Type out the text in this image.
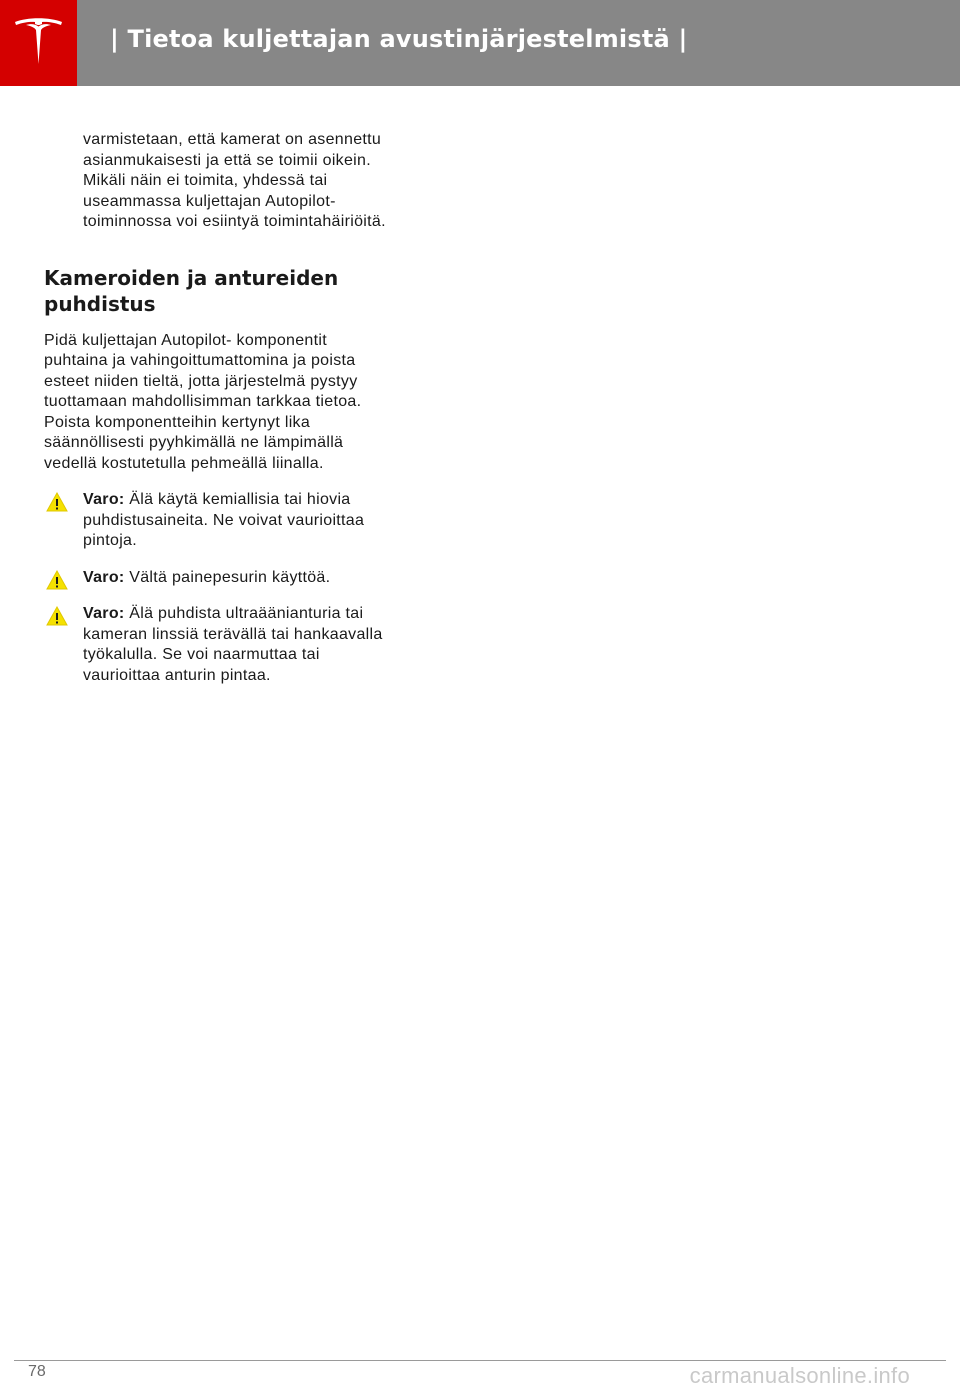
| Tietoa kuljettajan avustinjärjestelmistä |

varmistetaan, että kamerat on asennettu
asianmukaisesti ja että se toimii oikein.
Mikäli näin ei toimita, yhdessä tai
useammassa kuljettajan Autopilot-
toiminnossa voi esiintyä toimintahäiriöitä.

Kameroiden ja antureiden
puhdistus

Pidä kuljettajan Autopilot- komponentit
puhtaina ja vahingoittumattomina ja poista
esteet niiden tieltä, jotta järjestelmä pystyy
tuottamaan mahdollisimman tarkkaa tietoa.
Poista komponentteihin kertynyt lika
säännöllisesti pyyhkimällä ne lämpimällä
vedellä kostutetulla pehmeällä liinalla.

Varo: Älä käytä kemiallisia tai hiovia
puhdistusaineita. Ne voivat vaurioittaa
pintoja.

Varo: Vältä painepesurin käyttöä.

Varo: Älä puhdista ultraäänianturia tai
kameran linssiä terävällä tai hankaavalla
työkalulla. Se voi naarmuttaa tai
vaurioittaa anturin pintaa.

78	carmanualsonline.info
